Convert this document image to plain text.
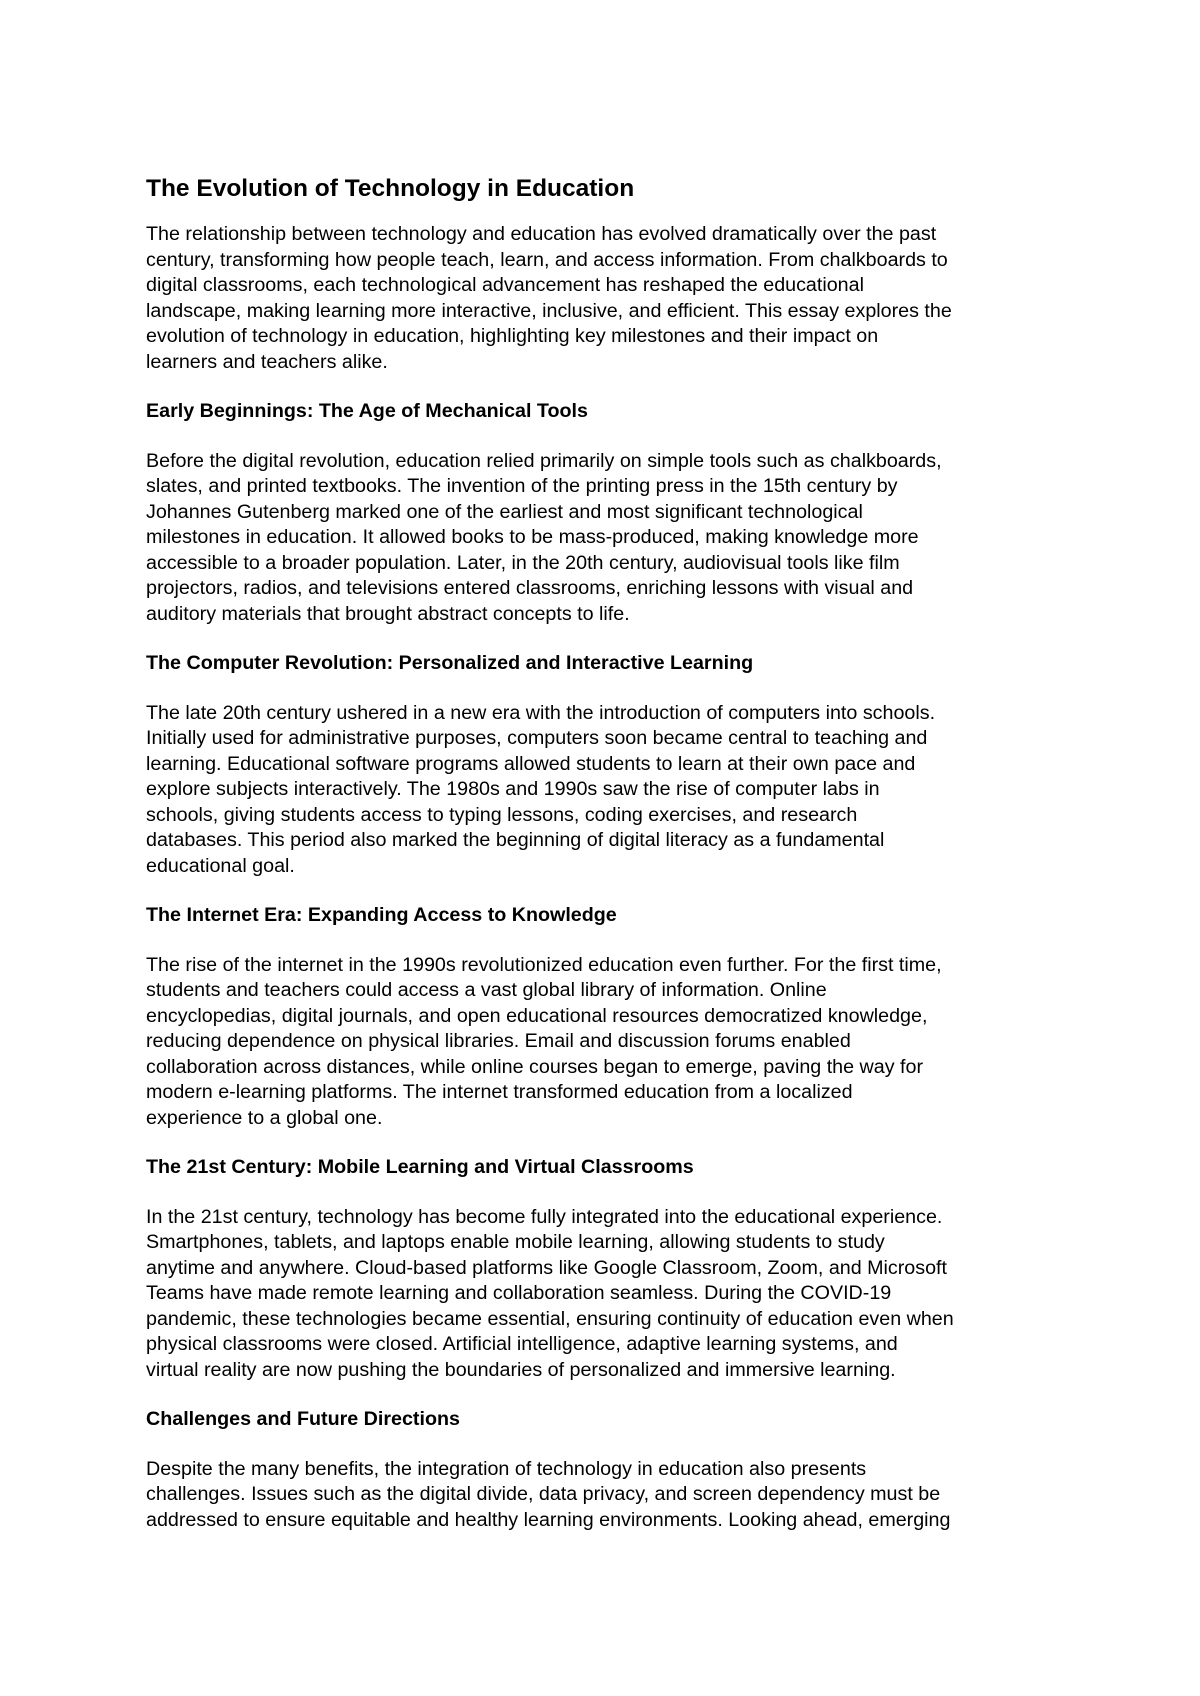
The Evolution of Technology in Education

The relationship between technology and education has evolved dramatically over the past
century, transforming how people teach, learn, and access information. From chalkboards to
digital classrooms, each technological advancement has reshaped the educational
landscape, making learning more interactive, inclusive, and efficient. This essay explores the
evolution of technology in education, highlighting key milestones and their impact on
learners and teachers alike.

Early Beginnings: The Age of Mechanical Tools

Before the digital revolution, education relied primarily on simple tools such as chalkboards,
slates, and printed textbooks. The invention of the printing press in the 15th century by
Johannes Gutenberg marked one of the earliest and most significant technological
milestones in education. It allowed books to be mass-produced, making knowledge more
accessible to a broader population. Later, in the 20th century, audiovisual tools like film
projectors, radios, and televisions entered classrooms, enriching lessons with visual and
auditory materials that brought abstract concepts to life.

The Computer Revolution: Personalized and Interactive Learning

The late 20th century ushered in a new era with the introduction of computers into schools.
Initially used for administrative purposes, computers soon became central to teaching and
learning. Educational software programs allowed students to learn at their own pace and
explore subjects interactively. The 1980s and 1990s saw the rise of computer labs in
schools, giving students access to typing lessons, coding exercises, and research
databases. This period also marked the beginning of digital literacy as a fundamental
educational goal.

The Internet Era: Expanding Access to Knowledge

The rise of the internet in the 1990s revolutionized education even further. For the first time,
students and teachers could access a vast global library of information. Online
encyclopedias, digital journals, and open educational resources democratized knowledge,
reducing dependence on physical libraries. Email and discussion forums enabled
collaboration across distances, while online courses began to emerge, paving the way for
modern e-learning platforms. The internet transformed education from a localized
experience to a global one.

The 21st Century: Mobile Learning and Virtual Classrooms

In the 21st century, technology has become fully integrated into the educational experience.
Smartphones, tablets, and laptops enable mobile learning, allowing students to study
anytime and anywhere. Cloud-based platforms like Google Classroom, Zoom, and Microsoft
Teams have made remote learning and collaboration seamless. During the COVID-19
pandemic, these technologies became essential, ensuring continuity of education even when
physical classrooms were closed. Artificial intelligence, adaptive learning systems, and
virtual reality are now pushing the boundaries of personalized and immersive learning.

Challenges and Future Directions

Despite the many benefits, the integration of technology in education also presents
challenges. Issues such as the digital divide, data privacy, and screen dependency must be
addressed to ensure equitable and healthy learning environments. Looking ahead, emerging
